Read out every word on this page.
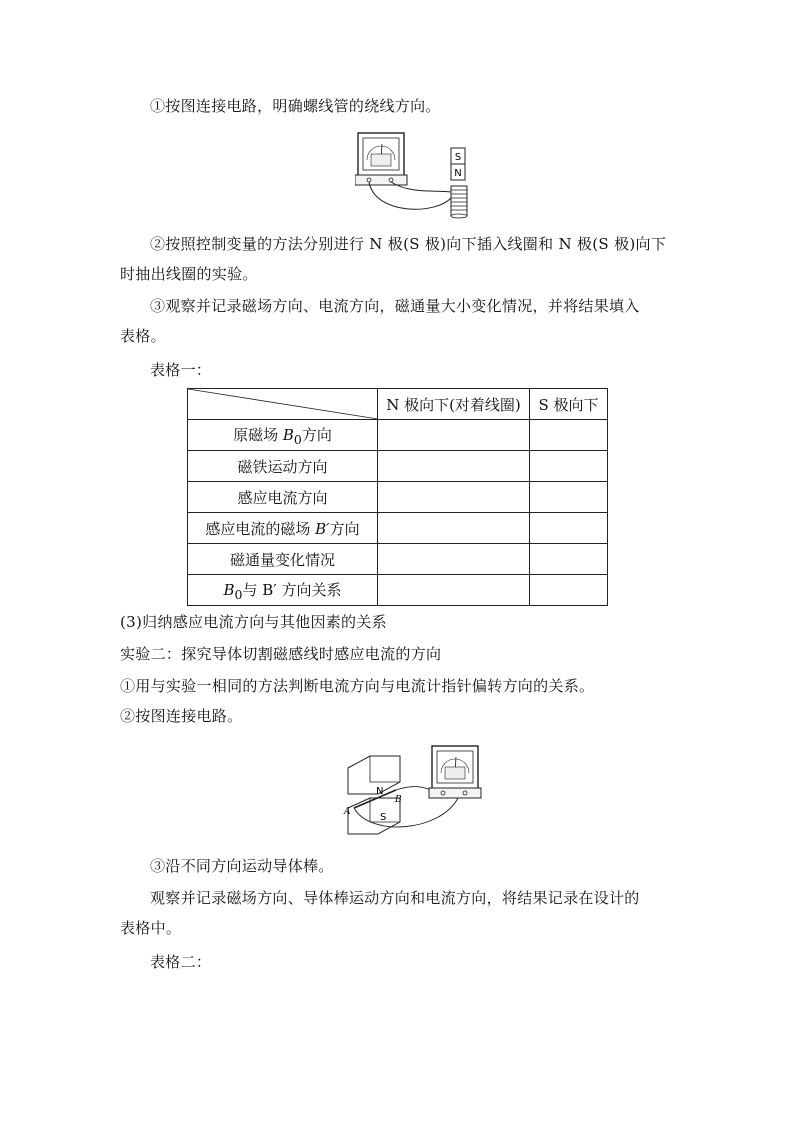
①按图连接电路，明确螺线管的绕线方向。
S
N
②按照控制变量的方法分别进行 N 极(S 极)向下插入线圈和 N 极(S 极)向下
时抽出线圈的实验。
③观察并记录磁场方向、电流方向，磁通量大小变化情况，并将结果填入
表格。
表格一：
	N 极向下(对着线圈)	S 极向下
原磁场 $B_0$方向		
磁铁运动方向		
感应电流方向		
感应电流的磁场 B′方向		
磁通量变化情况		
$B_0$与 B′ 方向关系		
(3)归纳感应电流方向与其他因素的关系
实验二：探究导体切割磁感线时感应电流的方向
①用与实验一相同的方法判断电流方向与电流计指针偏转方向的关系。
②按图连接电路。
N
S
A
B
③沿不同方向运动导体棒。
观察并记录磁场方向、导体棒运动方向和电流方向，将结果记录在设计的
表格中。
表格二：
